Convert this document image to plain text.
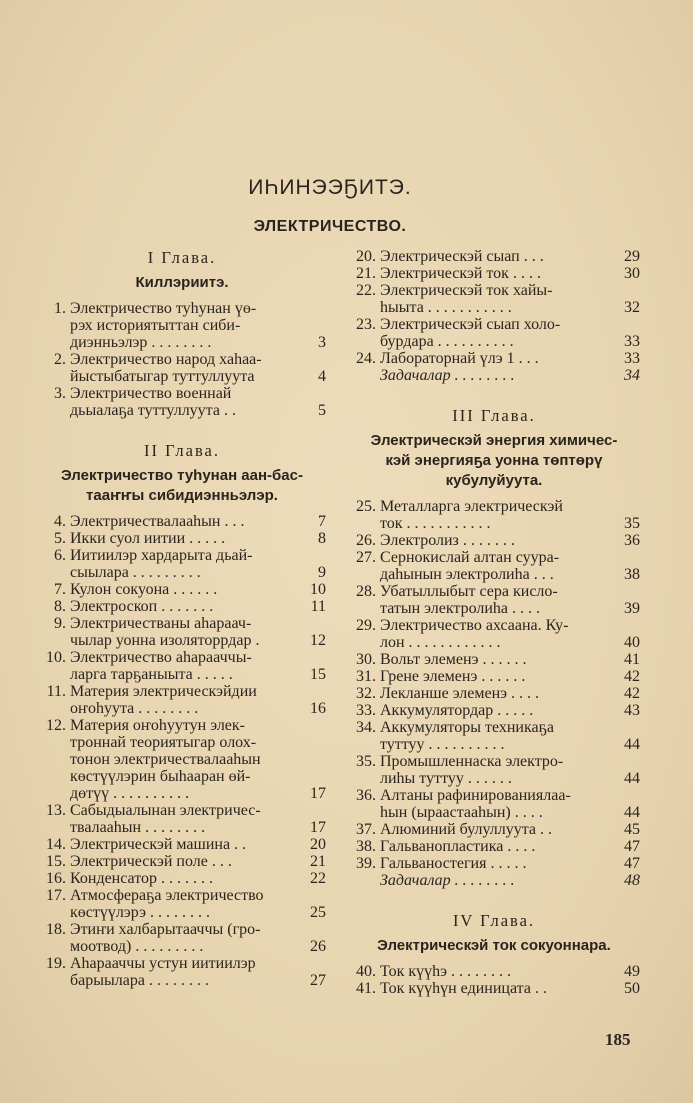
ИҺИНЭЭҔИТЭ.
ЭЛЕКТРИЧЕСТВО.
I Глава.
Киллэриитэ.
1. Электричество туһунан үө-
рэх историятыттан сиби-
диэнньэлэр . . . . . . . .	3
2. Электричество народ хаһаа-
йыстыбатыгар туттуллуута	4
3. Электричество военнай
дьыалаҕа туттуллуута . .	5
II Глава.
Электричество туһунан аан-бас-
тааҥҥы сибидиэнньэлэр.
4. Электричествалааһын . . .	7
5. Икки суол иитии . . . . .	8
6. Иитиилэр хардарыта дьай-
сыылара . . . . . . . . .	9
7. Кулон сокуона . . . . . .	10
8. Электроскоп . . . . . . .	11
9. Электричестваны аһараач-
чылар уонна изоляторрдар .	12
10. Электричество аһарааччы-
ларга тарҕаныыта . . . . .	15
11. Материя электрическэйдии
оҥоһуута . . . . . . . .	16
12. Материя оҥоһуутун элек-
троннай теориятыгар олох-
тонон электричествалааһын
көстүүлэрин быһааран өй-
дөтүү . . . . . . . . . .	17
13. Сабыдыалынан электричес-
твалааһын . . . . . . . .	17
14. Электрическэй машина . .	20
15. Электрическэй поле . . .	21
16. Конденсатор . . . . . . .	22
17. Атмосфераҕа электричество
көстүүлэрэ . . . . . . . .	25
18. Этиҥи халбарытааччы (гро-
моотвод) . . . . . . . . .	26
19. Аһарааччы устун иитиилэр
барыылара . . . . . . . .	27
20. Электрическэй сыап . . .	29
21. Электрическэй ток . . . .	30
22. Электрическэй ток хайы-
һыыта . . . . . . . . . . .	32
23. Электрическэй сыап холо-
бурдара . . . . . . . . . .	33
24. Лабораторнай үлэ 1 . . .	33
Задачалар . . . . . . . .	34
III Глава.
Электрическэй энергия химичес-
кэй энергияҕа уонна төптөрү
кубулуйуута.
25. Металларга электрическэй
ток . . . . . . . . . . .	35
26. Электролиз . . . . . . .	36
27. Сернокислай алтан суура-
даһынын электролиһа . . .	38
28. Убатыллыбыт сера кисло-
татын электролиһа . . . .	39
29. Электричество ахсаана. Ку-
лон . . . . . . . . . . . .	40
30. Вольт элеменэ . . . . . .	41
31. Грене элеменэ . . . . . .	42
32. Лекланше элеменэ . . . .	42
33. Аккумулятордар . . . . .	43
34. Аккумуляторы техникаҕа
туттуу . . . . . . . . . .	44
35. Промышленнаска электро-
лиһы туттуу . . . . . .	44
36. Алтаны рафинированиялаа-
һын (ыраастааһын) . . . .	44
37. Алюминий булуллуута . .	45
38. Гальванопластика . . . .	47
39. Гальваностегия . . . . .	47
Задачалар . . . . . . . .	48
IV Глава.
Электрическэй ток сокуоннара.
40. Ток күүһэ . . . . . . . .	49
41. Ток күүһүн единицата . .	50
185
